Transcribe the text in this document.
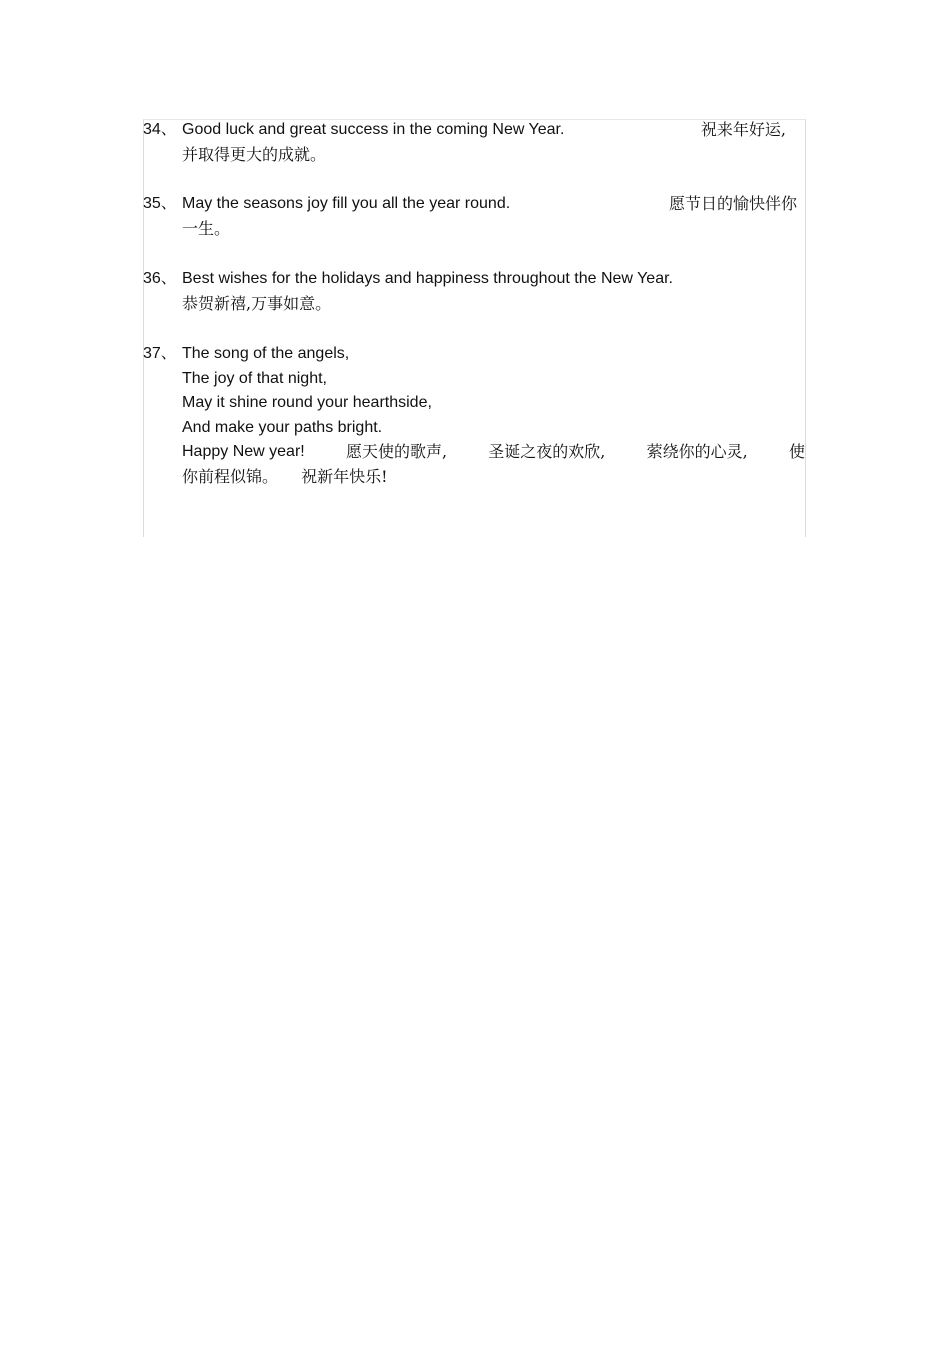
34、 Good luck and great success in the coming New Year.	祝来年好运,
并取得更大的成就。
35、 May the seasons joy fill you all the year round.	愿节日的愉快伴你
一生。
36、 Best wishes for the holidays and happiness throughout the New Year.
恭贺新禧,万事如意。
37、 The song of the angels,
The joy of that night,
May it shine round your hearthside,
And make your paths bright.
Happy New year!	愿天使的歌声,	圣诞之夜的欢欣,	萦绕你的心灵,	使
你前程似锦。 祝新年快乐!
